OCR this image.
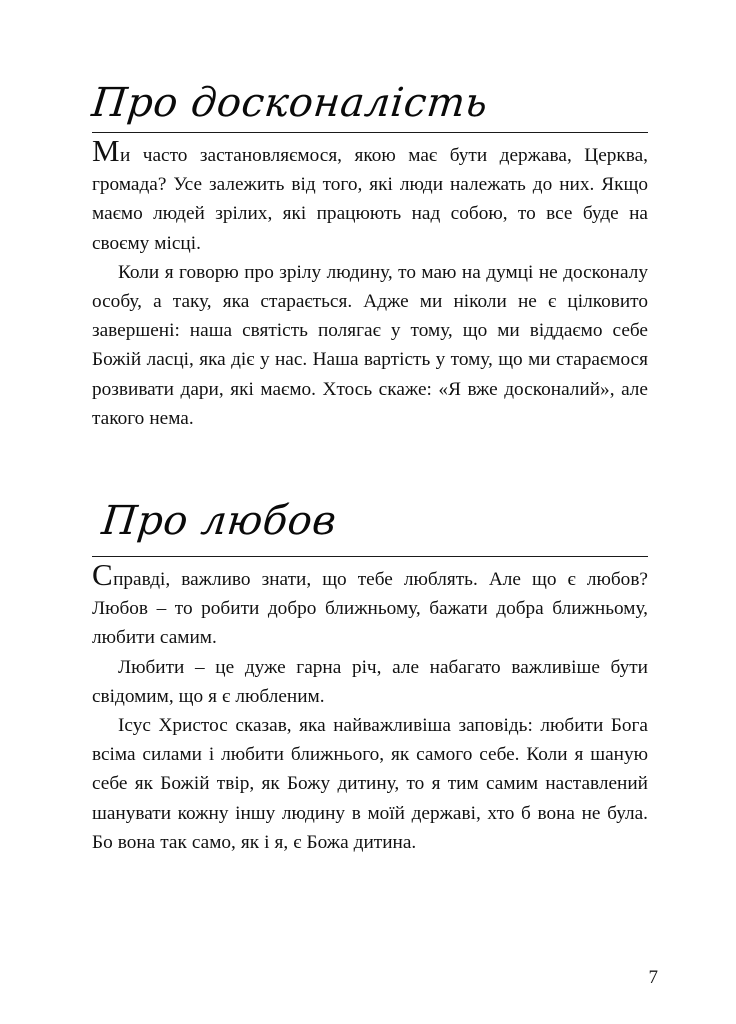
Про досконалість

Ми часто застановляємося, якою має бути держава, Церква, громада? Усе залежить від того, які люди належать до них. Якщо маємо людей зрілих, які працюють над собою, то все буде на своєму місці.

Коли я говорю про зрілу людину, то маю на думці не досконалу особу, а таку, яка старається. Адже ми ніколи не є цілковито завершені: наша святість полягає у тому, що ми віддаємо себе Божій ласці, яка діє у нас. Наша вартість у тому, що ми стараємося розвивати дари, які маємо. Хтось скаже: «Я вже досконалий», але такого нема.

Про любов

Справді, важливо знати, що тебе люблять. Але що є любов? Любов – то робити добро ближньому, бажати добра ближньому, любити самим.

Любити – це дуже гарна річ, але набагато важливіше бути свідомим, що я є любленим.

Ісус Христос сказав, яка найважливіша заповідь: любити Бога всіма силами і любити ближнього, як самого себе. Коли я шаную себе як Божій твір, як Божу дитину, то я тим самим наставлений шанувати кожну іншу людину в моїй державі, хто б вона не була. Бо вона так само, як і я, є Божа дитина.

7
